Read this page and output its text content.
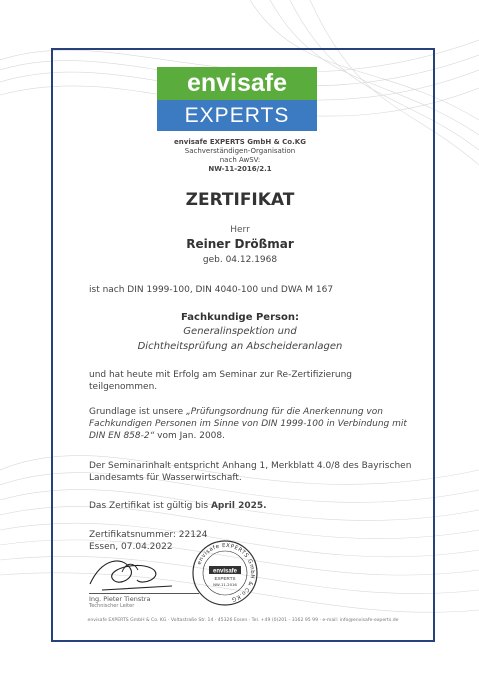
envisafe
EXPERTS
envisafe EXPERTS GmbH & Co.KG
Sachverständigen-Organisation
nach AwSV:
NW-11-2016/2.1
ZERTIFIKAT
Herr
Reiner Drößmar
geb. 04.12.1968
ist nach DIN 1999-100, DIN 4040-100 und DWA M 167
Fachkundige Person:
Generalinspektion und
Dichtheitsprüfung an Abscheideranlagen
und hat heute mit Erfolg am Seminar zur Re-Zertifizierung
teilgenommen.
Grundlage ist unsere „Prüfungsordnung für die Anerkennung von
Fachkundigen Personen im Sinne von DIN 1999-100 in Verbindung mit
DIN EN 858-2“ vom Jan. 2008.
Der Seminarinhalt entspricht Anhang 1, Merkblatt 4.0/8 des Bayrischen
Landesamts für Wasserwirtschaft.
Das Zertifikat ist gültig bis April 2025.
Zertifikatsnummer: 22124
Essen, 07.04.2022
Ing. Pieter Tienstra
Technischer Leiter
envisafe EXPERTS GmbH & Co.KG
envisafe
EXPERTS
NW-11-2016
envisafe EXPERTS GmbH & Co. KG · Voltastraße Str. 14 · 45326 Essen · Tel. +49 (0)201 - 3162 95 99 · e-mail: info@envisafe-experts.de
